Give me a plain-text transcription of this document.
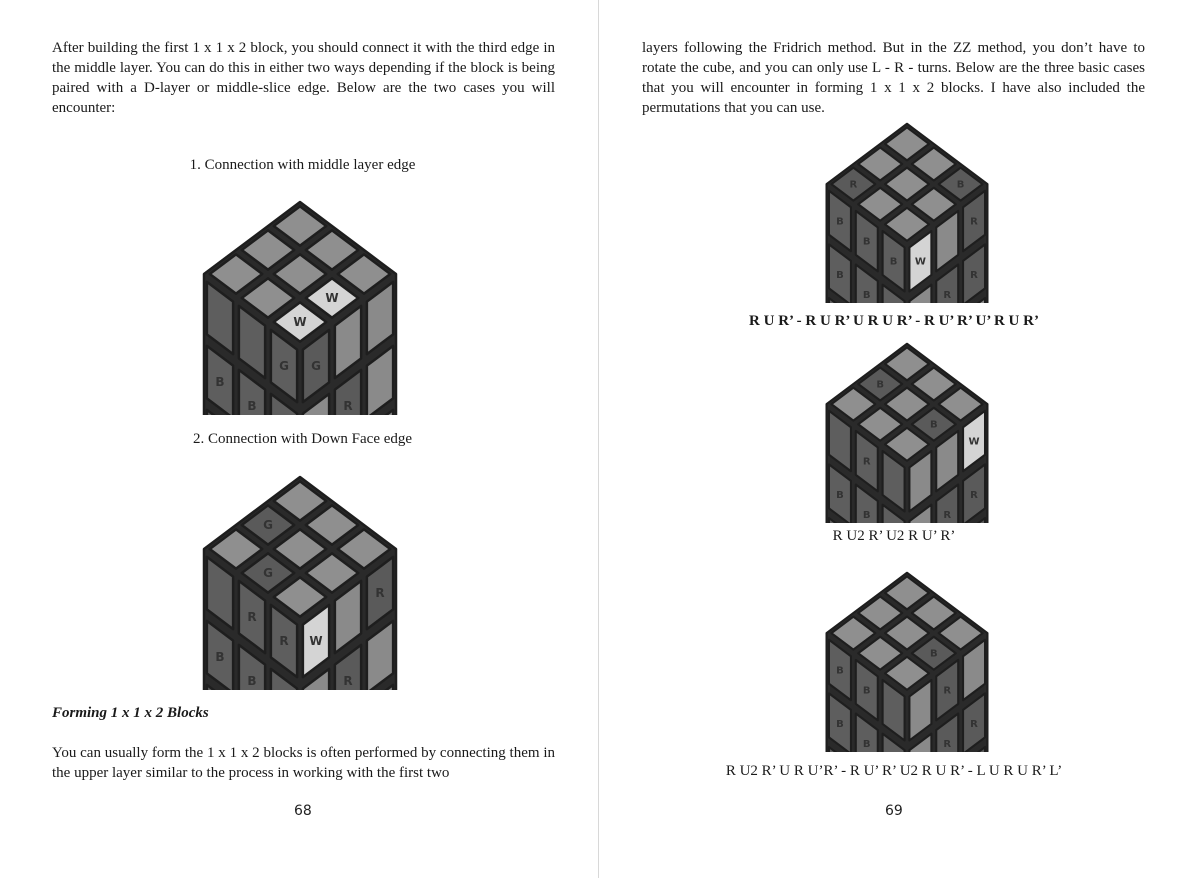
After building the first 1 x 1 x 2 block, you should connect it with the third edge in the middle layer. You can do this in either two ways depending if the block is being paired with a D-layer or middle-slice edge. Below are the two cases you will encounter:

1. Connection with middle layer edge
W
W
G
B
B
G
R
2. Connection with Down Face edge
G
G
R
R
B
B
W
R
R
Forming 1 x 1 x 2 Blocks

You can usually form the 1 x 1 x 2 blocks is often performed by connecting them in the upper layer similar to the process in working with the first two

68

layers following the Fridrich method. But in the ZZ method, you don’t have to rotate the cube, and you can only use L - R - turns. Below are the three basic cases that you will encounter in forming 1 x 1 x 2 blocks. I have also included the permutations that you can use.

B
R
B
B
B
B
B
W
R
R
R
R U R’ - R U R’ U R U R’ - R U’ R’ U’ R U R’
B
B
R
B
B
W
R
R
R U2 R’ U2 R U’ R’
B
B
B
B
B
R
R
R
R U2 R’ U R U’R’ - R U’ R’ U2 R U R’ - L U R U R’ L’
69
